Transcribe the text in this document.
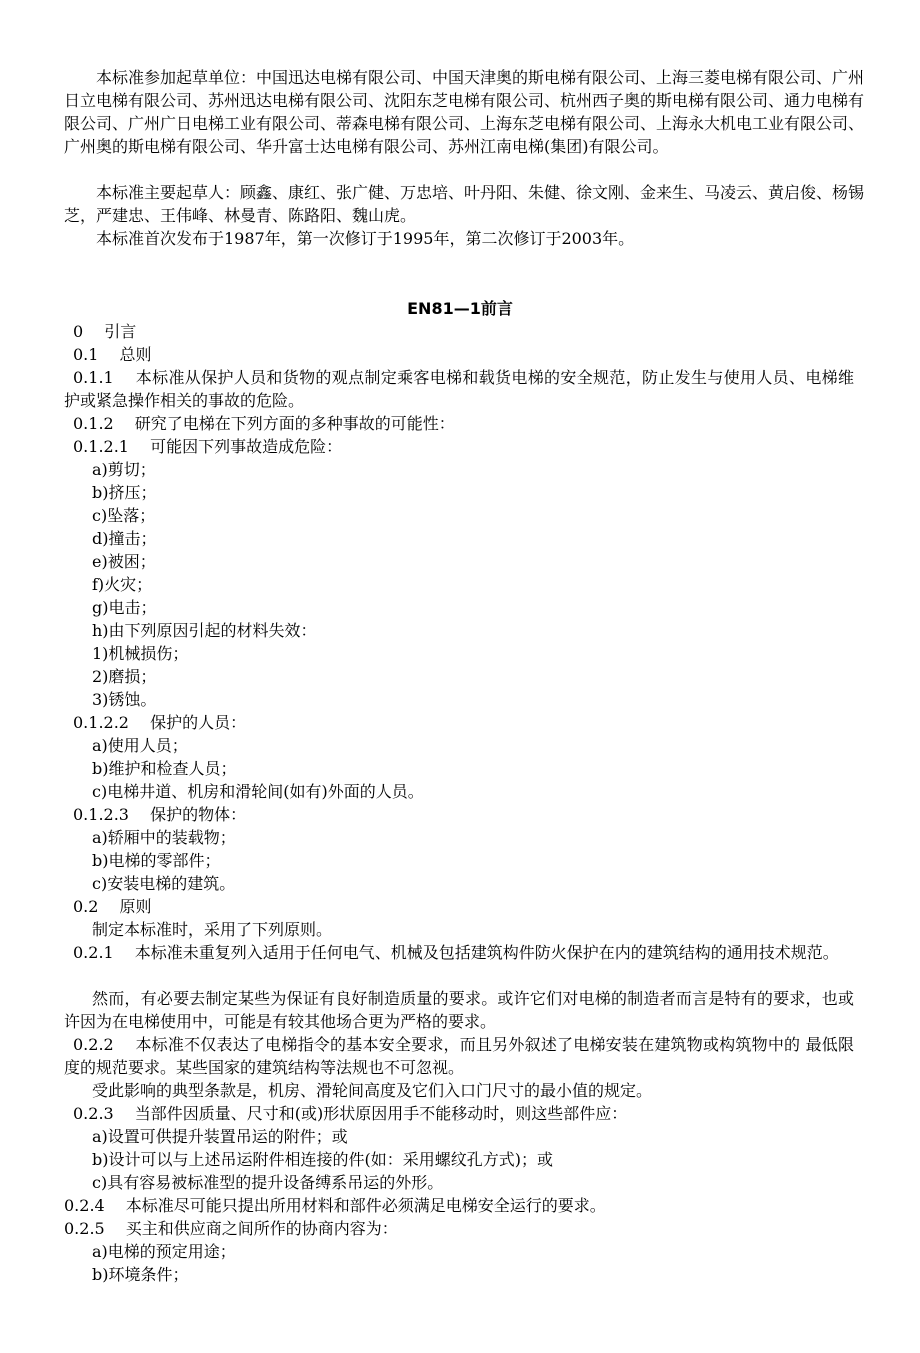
本标准参加起草单位：中国迅达电梯有限公司、中国天津奥的斯电梯有限公司、上海三菱电梯有限公司、广州日立电梯有限公司、苏州迅达电梯有限公司、沈阳东芝电梯有限公司、杭州西子奥的斯电梯有限公司、通力电梯有限公司、广州广日电梯工业有限公司、蒂森电梯有限公司、上海东芝电梯有限公司、上海永大机电工业有限公司、广州奥的斯电梯有限公司、华升富士达电梯有限公司、苏州江南电梯(集团)有限公司。

本标准主要起草人：顾鑫、康红、张广健、万忠培、叶丹阳、朱健、徐文刚、金来生、马凌云、黄启俊、杨锡芝，严建忠、王伟峰、林曼青、陈路阳、魏山虎。

本标准首次发布于1987年，第一次修订于1995年，第二次修订于2003年。

EN81—1前言
0　 引言
0.1　 总则

0.1.1　 本标准从保护人员和货物的观点制定乘客电梯和载货电梯的安全规范，防止发生与使用人员、电梯维护或紧急操作相关的事故的危险。

0.1.2　 研究了电梯在下列方面的多种事故的可能性：
0.1.2.1　 可能因下列事故造成危险：
a)剪切；
b)挤压；
c)坠落；
d)撞击；
e)被困；
f)火灾；
g)电击；
h)由下列原因引起的材料失效：
1)机械损伤；
2)磨损；
3)锈蚀。
0.1.2.2　 保护的人员：
a)使用人员；
b)维护和检查人员；
c)电梯井道、机房和滑轮间(如有)外面的人员。
0.1.2.3　 保护的物体：
a)轿厢中的装载物；
b)电梯的零部件；
c)安装电梯的建筑。
0.2　 原则
制定本标准时，采用了下列原则。

0.2.1　 本标准未重复列入适用于任何电气、机械及包括建筑构件防火保护在内的建筑结构的通用技术规范。

然而，有必要去制定某些为保证有良好制造质量的要求。或许它们对电梯的制造者而言是特有的要求，也或许因为在电梯使用中，可能是有较其他场合更为严格的要求。

0.2.2　 本标准不仅表达了电梯指令的基本安全要求，而且另外叙述了电梯安装在建筑物或构筑物中的 最低限度的规范要求。某些国家的建筑结构等法规也不可忽视。

受此影响的典型条款是，机房、滑轮间高度及它们入口门尺寸的最小值的规定。
0.2.3　 当部件因质量、尺寸和(或)形状原因用手不能移动时，则这些部件应：
a)设置可供提升装置吊运的附件；或
b)设计可以与上述吊运附件相连接的件(如：采用螺纹孔方式)；或
c)具有容易被标准型的提升设备缚系吊运的外形。
0.2.4　 本标准尽可能只提出所用材料和部件必须满足电梯安全运行的要求。
0.2.5　 买主和供应商之间所作的协商内容为：
a)电梯的预定用途；
b)环境条件；
